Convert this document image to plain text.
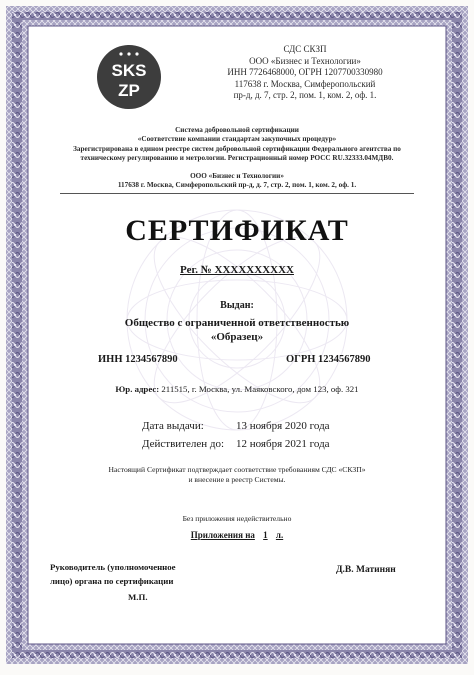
SKS
ZP
СДС СКЗП
ООО «Бизнес и Технологии»
ИНН 7726468000, ОГРН 1207700330980
117638 г. Москва, Симферопольский
пр-д, д. 7, стр. 2, пом. 1, ком. 2, оф. 1.
Система добровольной сертификации
«Соответствие компании стандартам закупочных процедур»
Зарегистрирована в едином реестре систем добровольной сертификации Федерального агентства по
техническому регулированию и метрологии. Регистрационный номер РОСС RU.32333.04МДВ0.
ООО «Бизнес и Технологии»
117638 г. Москва, Симферопольский пр-д, д. 7, стр. 2, пом. 1, ком. 2, оф. 1.
СЕРТИФИКАТ
Рег. № XXXXXXXXXX
Выдан:
Общество с ограниченной ответственностью
«Образец»
ИНН 1234567890	ОГРН 1234567890
Юр. адрес: 211515, г. Москва, ул. Маяковского, дом 123, оф. 321
Дата выдачи:	13 ноября 2020 года
Действителен до: 12 ноября 2021 года
Настоящий Сертификат подтверждает соответствие требованиям СДС «СКЗП»
и внесение в реестр Системы.
Без приложения недействительно
Приложения на 1 л.
Руководитель (уполномоченное
лицо) органа по сертификации
М.П.
Д.В. Матинян
